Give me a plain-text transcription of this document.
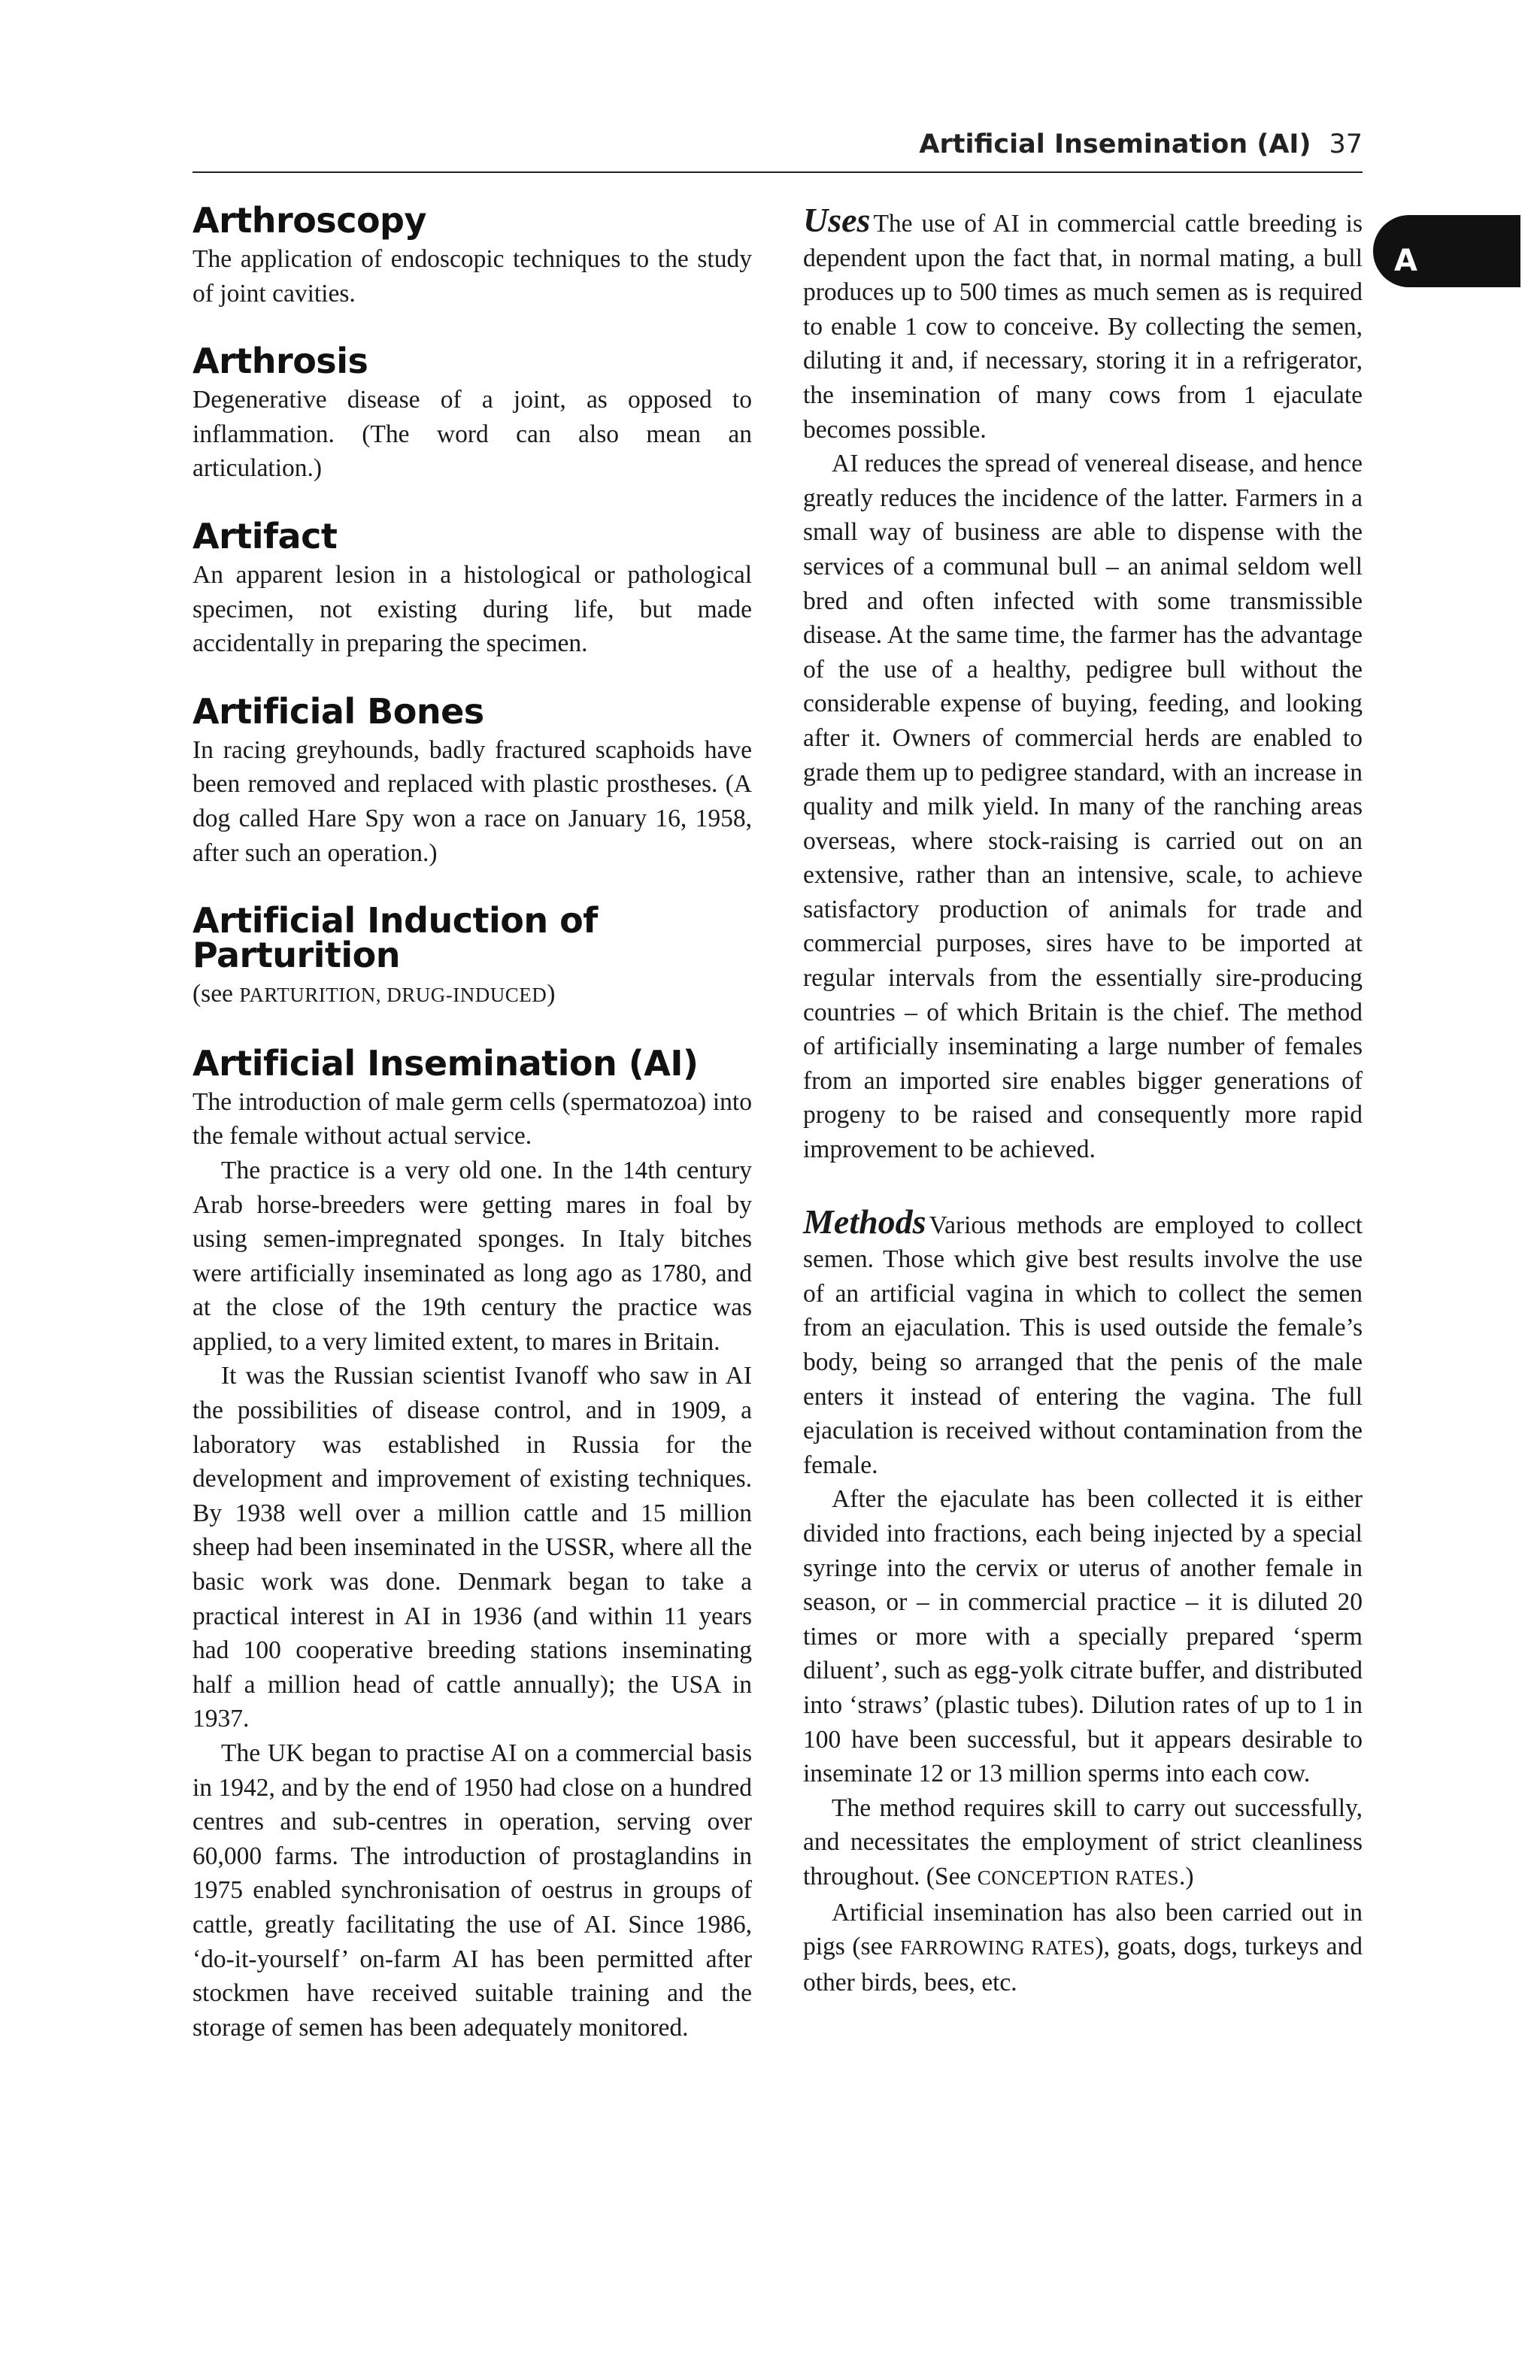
Artificial Insemination (AI) 37
A
Arthroscopy

The application of endoscopic techniques to the study of joint cavities.

Arthrosis

Degenerative disease of a joint, as opposed to inflammation. (The word can also mean an articulation.)

Artifact

An apparent lesion in a histological or pathological specimen, not existing during life, but made accidentally in preparing the specimen.

Artificial Bones

In racing greyhounds, badly fractured scaphoids have been removed and replaced with plastic prostheses. (A dog called Hare Spy won a race on January 16, 1958, after such an operation.)

Artificial Induction of Parturition

(see PARTURITION, DRUG-INDUCED)

Artificial Insemination (AI)

The introduction of male germ cells (spermatozoa) into the female without actual service.

The practice is a very old one. In the 14th century Arab horse-breeders were getting mares in foal by using semen-impregnated sponges. In Italy bitches were artificially inseminated as long ago as 1780, and at the close of the 19th century the practice was applied, to a very limited extent, to mares in Britain.

It was the Russian scientist Ivanoff who saw in AI the possibilities of disease control, and in 1909, a laboratory was established in Russia for the development and improvement of existing techniques. By 1938 well over a million cattle and 15 million sheep had been inseminated in the USSR, where all the basic work was done. Denmark began to take a practical interest in AI in 1936 (and within 11 years had 100 cooperative breeding stations inseminating half a million head of cattle annually); the USA in 1937.

The UK began to practise AI on a commercial basis in 1942, and by the end of 1950 had close on a hundred centres and sub-centres in operation, serving over 60,000 farms. The introduction of prostaglandins in 1975 enabled synchronisation of oestrus in groups of cattle, greatly facilitating the use of AI. Since 1986, ‘do-it-yourself’ on-farm AI has been permitted after stockmen have received suitable training and the storage of semen has been adequately monitored.

Uses The use of AI in commercial cattle breeding is dependent upon the fact that, in normal mating, a bull produces up to 500 times as much semen as is required to enable 1 cow to conceive. By collecting the semen, diluting it and, if necessary, storing it in a refrigerator, the insemination of many cows from 1 ejaculate becomes possible.

AI reduces the spread of venereal disease, and hence greatly reduces the incidence of the latter. Farmers in a small way of business are able to dispense with the services of a communal bull – an animal seldom well bred and often infected with some transmissible disease. At the same time, the farmer has the advantage of the use of a healthy, pedigree bull without the considerable expense of buying, feeding, and looking after it. Owners of commercial herds are enabled to grade them up to pedigree standard, with an increase in quality and milk yield. In many of the ranching areas overseas, where stock-raising is carried out on an extensive, rather than an intensive, scale, to achieve satisfactory production of animals for trade and commercial purposes, sires have to be imported at regular intervals from the essentially sire-producing countries – of which Britain is the chief. The method of artificially inseminating a large number of females from an imported sire enables bigger generations of progeny to be raised and consequently more rapid improvement to be achieved.

Methods Various methods are employed to collect semen. Those which give best results involve the use of an artificial vagina in which to collect the semen from an ejaculation. This is used outside the female’s body, being so arranged that the penis of the male enters it instead of entering the vagina. The full ejaculation is received without contamination from the female.

After the ejaculate has been collected it is either divided into fractions, each being injected by a special syringe into the cervix or uterus of another female in season, or – in commercial practice – it is diluted 20 times or more with a specially prepared ‘sperm diluent’, such as egg-yolk citrate buffer, and distributed into ‘straws’ (plastic tubes). Dilution rates of up to 1 in 100 have been successful, but it appears desirable to inseminate 12 or 13 million sperms into each cow.

The method requires skill to carry out successfully, and necessitates the employment of strict cleanliness throughout. (See CONCEPTION RATES.)

Artificial insemination has also been carried out in pigs (see FARROWING RATES), goats, dogs, turkeys and other birds, bees, etc.
